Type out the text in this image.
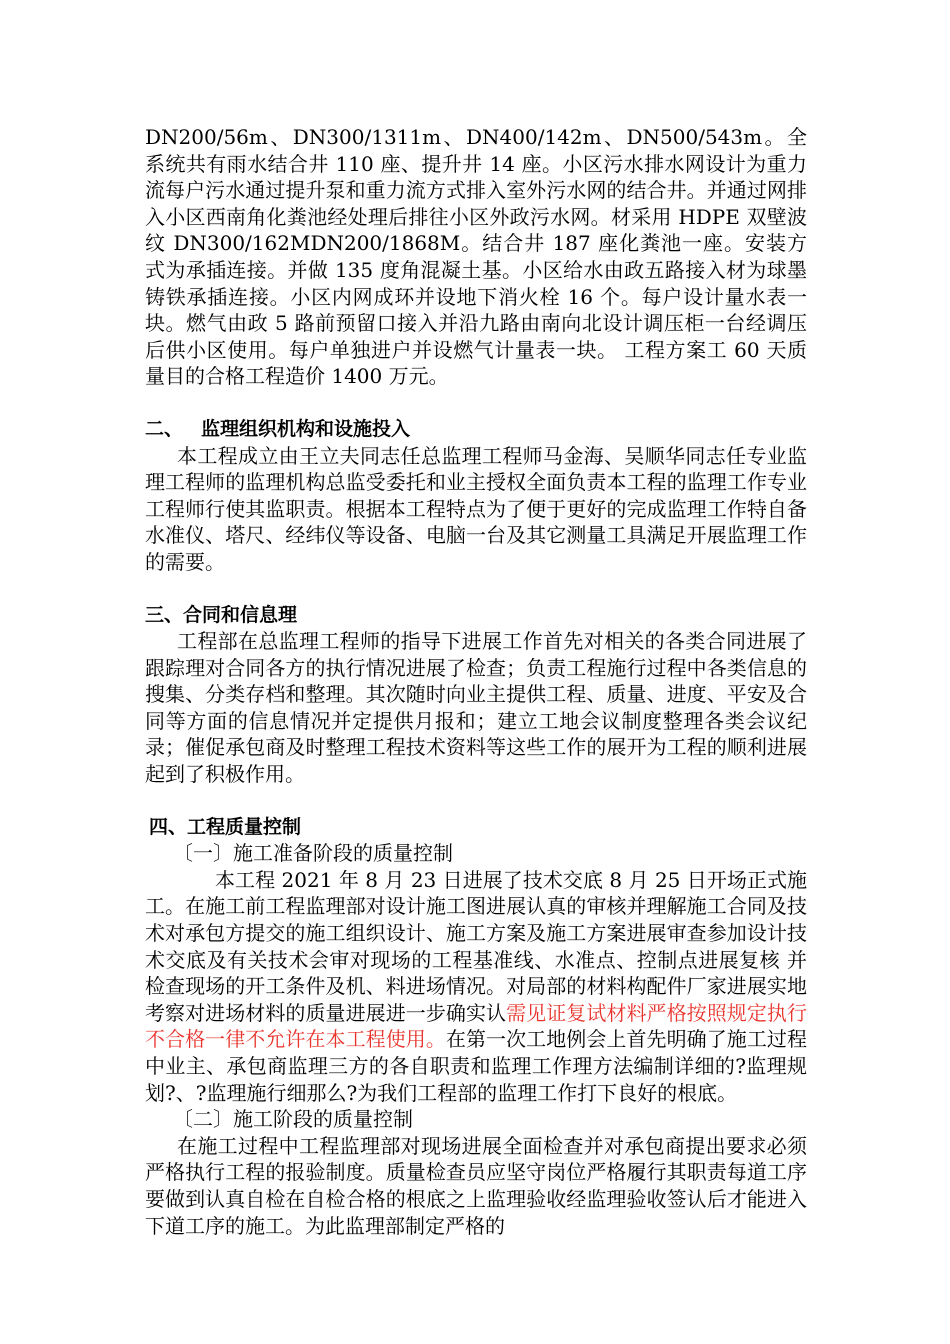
DN200/56m、DN300/1311m、DN400/142m、DN500/543m。全系统共有雨水结合井 110 座、提升井 14 座。小区污水排水网设计为重力流每户污水通过提升泵和重力流方式排入室外污水网的结合井。并通过网排入小区西南角化粪池经处理后排往小区外政污水网。材采用 HDPE 双壁波纹 DN300/162MDN200/1868M。结合井 187 座化粪池一座。安装方式为承插连接。并做 135 度角混凝土基。小区给水由政五路接入材为球墨铸铁承插连接。小区内网成环并设地下消火栓 16 个。每户设计量水表一块。燃气由政 5 路前预留口接入并沿九路由南向北设计调压柜一台经调压后供小区使用。每户单独进户并设燃气计量表一块。 工程方案工 60 天质量目的合格工程造价 1400 万元。

二、 监理组织机构和设施投入

本工程成立由王立夫同志任总监理工程师马金海、吴顺华同志任专业监理工程师的监理机构总监受委托和业主授权全面负责本工程的监理工作专业工程师行使其监职责。根据本工程特点为了便于更好的完成监理工作特自备水准仪、塔尺、经纬仪等设备、电脑一台及其它测量工具满足开展监理工作的需要。

三、合同和信息理

工程部在总监理工程师的指导下进展工作首先对相关的各类合同进展了跟踪理对合同各方的执行情况进展了检查；负责工程施行过程中各类信息的搜集、分类存档和整理。其次随时向业主提供工程、质量、进度、平安及合同等方面的信息情况并定提供月报和；建立工地会议制度整理各类会议纪录；催促承包商及时整理工程技术资料等这些工作的展开为工程的顺利进展起到了积极作用。

四、工程质量控制

〔一〕施工准备阶段的质量控制

本工程 2021 年 8 月 23 日进展了技术交底 8 月 25 日开场正式施工。在施工前工程监理部对设计施工图进展认真的审核并理解施工合同及技术对承包方提交的施工组织设计、施工方案及施工方案进展审查参加设计技术交底及有关技术会审对现场的工程基准线、水准点、控制点进展复核 并检查现场的开工条件及机、料进场情况。对局部的材料构配件厂家进展实地考察对进场材料的质量进展进一步确实认需见证复试材料严格按照规定执行不合格一律不允许在本工程使用。在第一次工地例会上首先明确了施工过程中业主、承包商监理三方的各自职责和监理工作理方法编制详细的?监理规划?、?监理施行细那么?为我们工程部的监理工作打下良好的根底。

〔二〕施工阶段的质量控制

在施工过程中工程监理部对现场进展全面检查并对承包商提出要求必须严格执行工程的报验制度。质量检查员应坚守岗位严格履行其职责每道工序要做到认真自检在自检合格的根底之上监理验收经监理验收签认后才能进入下道工序的施工。为此监理部制定严格的
